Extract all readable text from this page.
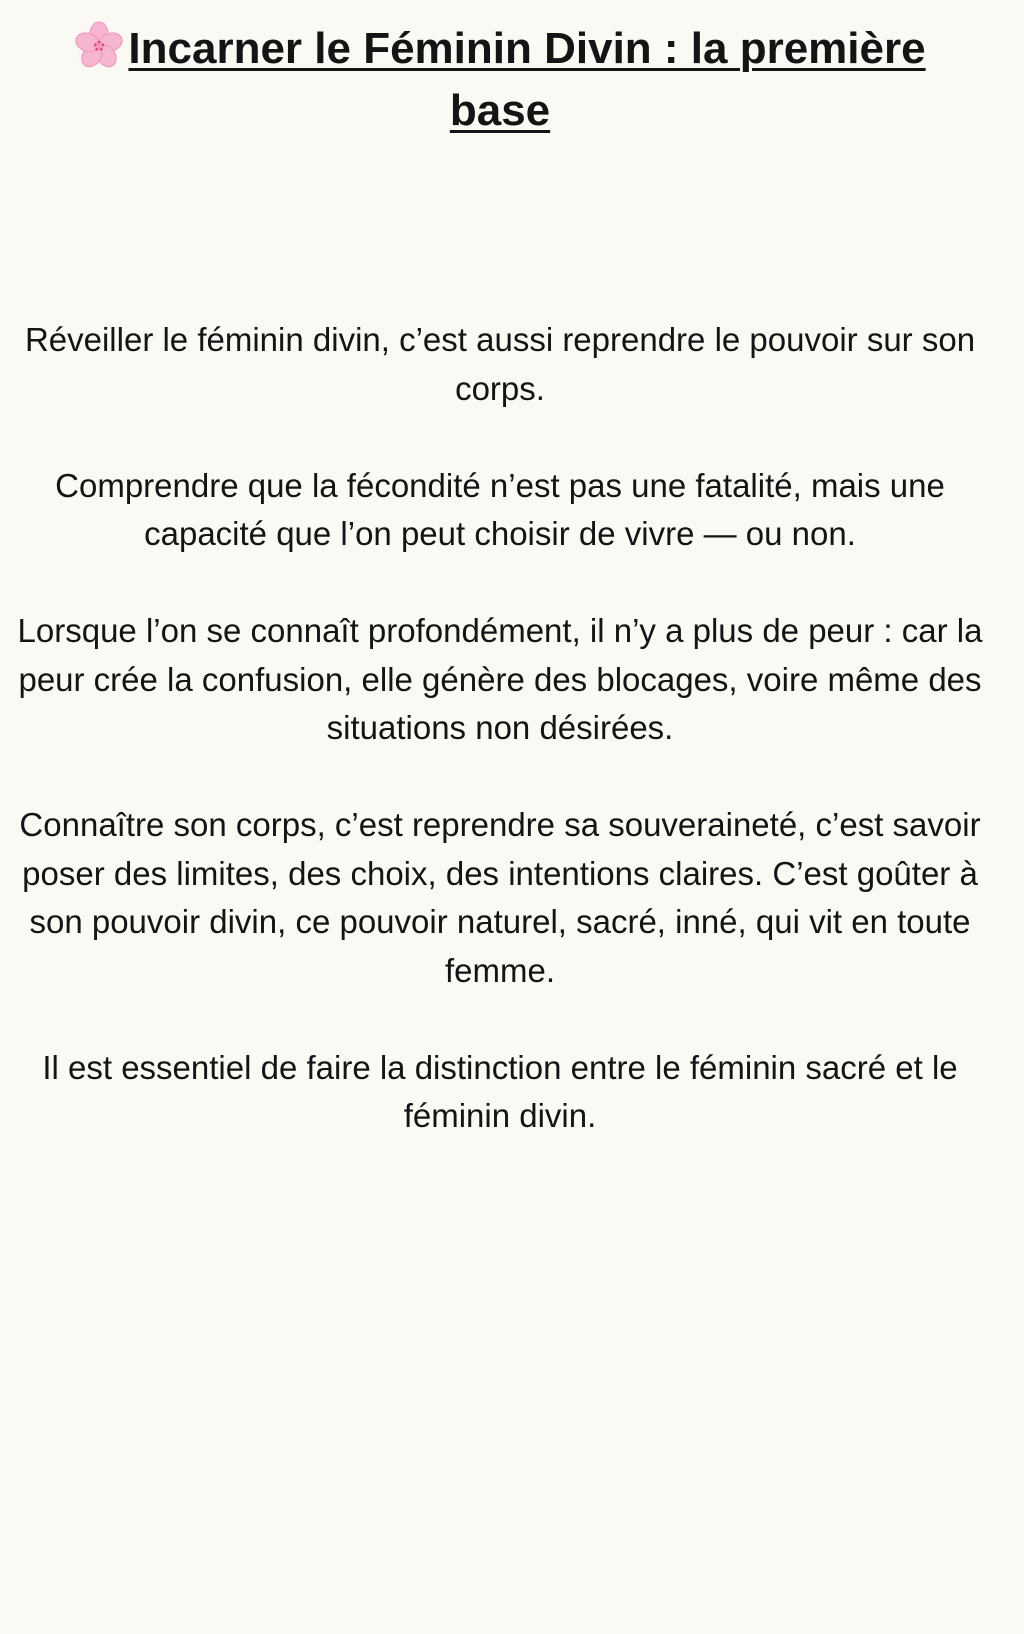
Incarner le Féminin Divin : la première base

Réveiller le féminin divin, c’est aussi reprendre le pouvoir sur son corps.

Comprendre que la fécondité n’est pas une fatalité, mais une capacité que l’on peut choisir de vivre — ou non.

Lorsque l’on se connaît profondément, il n’y a plus de peur : car la peur crée la confusion, elle génère des blocages, voire même des situations non désirées.

Connaître son corps, c’est reprendre sa souveraineté, c’est savoir poser des limites, des choix, des intentions claires. C’est goûter à son pouvoir divin, ce pouvoir naturel, sacré, inné, qui vit en toute femme.

Il est essentiel de faire la distinction entre le féminin sacré et le féminin divin.
